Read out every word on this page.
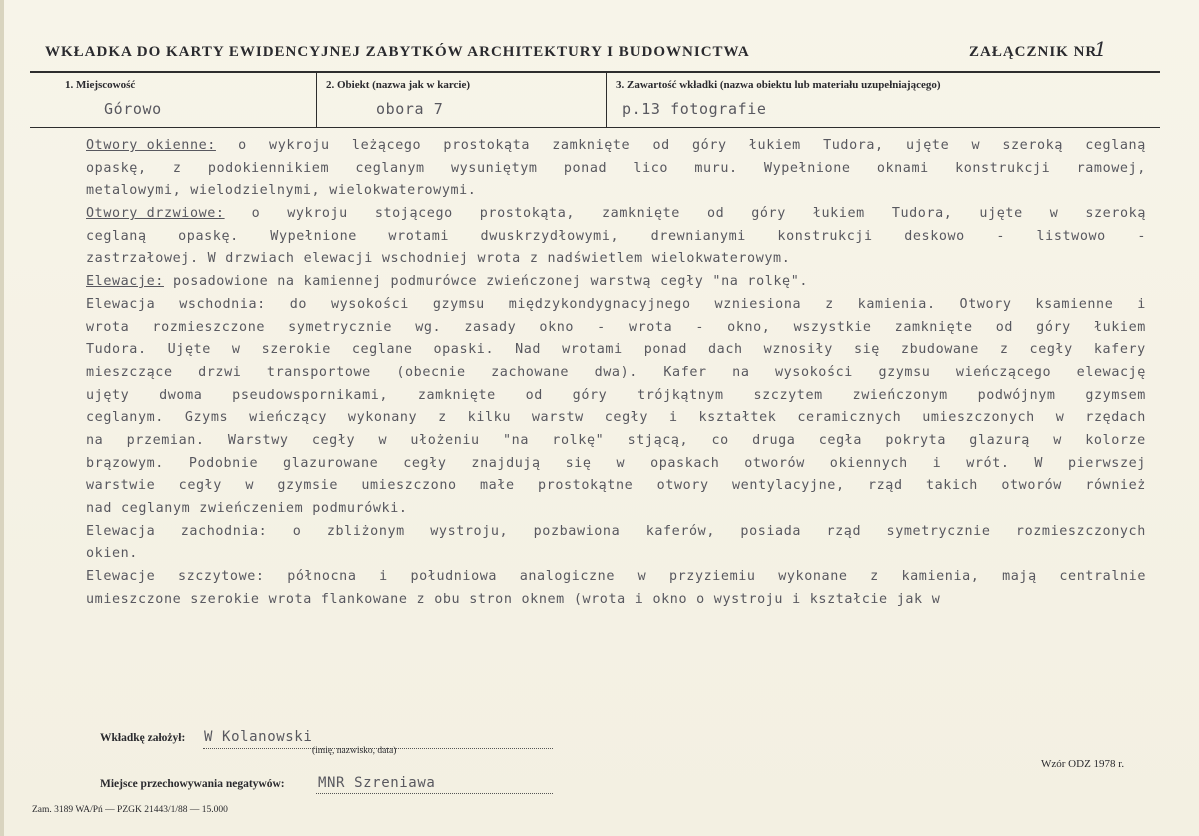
WKŁADKA DO KARTY EWIDENCYJNEJ ZABYTKÓW ARCHITEKTURY I BUDOWNICTWA	ZAŁĄCZNIK NR
1
1. Miejscowość
Górowo
2. Obiekt (nazwa jak w karcie)
obora 7
3. Zawartość wkładki (nazwa obiektu lub materiału uzupełniającego)
p.13 fotografie
Otwory okienne: o wykroju leżącego prostokąta zamknięte od góry łukiem Tudora, ujęte w szeroką ceglaną
opaskę, z podokiennikiem ceglanym wysuniętym ponad lico muru. Wypełnione oknami konstrukcji ramowej,
metalowymi, wielodzielnymi, wielokwaterowymi.
Otwory drzwiowe: o wykroju stojącego prostokąta, zamknięte od góry łukiem Tudora, ujęte w szeroką
ceglaną opaskę. Wypełnione wrotami dwuskrzydłowymi, drewnianymi konstrukcji deskowo - listwowo -
zastrzałowej. W drzwiach elewacji wschodniej wrota z nadświetlem wielokwaterowym.
Elewacje: posadowione na kamiennej podmurówce zwieńczonej warstwą cegły "na rolkę".
Elewacja wschodnia: do wysokości gzymsu międzykondygnacyjnego wzniesiona z kamienia. Otwory ksamienne i
wrota rozmieszczone symetrycznie wg. zasady okno - wrota - okno, wszystkie zamknięte od góry łukiem
Tudora. Ujęte w szerokie ceglane opaski. Nad wrotami ponad dach wznosiły się zbudowane z cegły kafery
mieszczące drzwi transportowe (obecnie zachowane dwa). Kafer na wysokości gzymsu wieńczącego elewację
ujęty dwoma pseudowspornikami, zamknięte od góry trójkątnym szczytem zwieńczonym podwójnym gzymsem
ceglanym. Gzyms wieńczący wykonany z kilku warstw cegły i kształtek ceramicznych umieszczonych w rzędach
na przemian. Warstwy cegły w ułożeniu "na rolkę" stjącą, co druga cegła pokryta glazurą w kolorze
brązowym. Podobnie glazurowane cegły znajdują się w opaskach otworów okiennych i wrót. W pierwszej
warstwie cegły w gzymsie umieszczono małe prostokątne otwory wentylacyjne, rząd takich otworów również
nad ceglanym zwieńczeniem podmurówki.
Elewacja zachodnia: o zbliżonym wystroju, pozbawiona kaferów, posiada rząd symetrycznie rozmieszczonych
okien.
Elewacje szczytowe: północna i południowa analogiczne w przyziemiu wykonane z kamienia, mają centralnie
umieszczone szerokie wrota flankowane z obu stron oknem (wrota i okno o wystroju i kształcie jak w
Wkładkę założył: W Kolanowski
(imię, nazwisko, data)
Wzór ODZ 1978 r.
Miejsce przechowywania negatywów: MNR Szreniawa
Zam. 3189 WA/Pń — PZGK 21443/1/88 — 15.000
